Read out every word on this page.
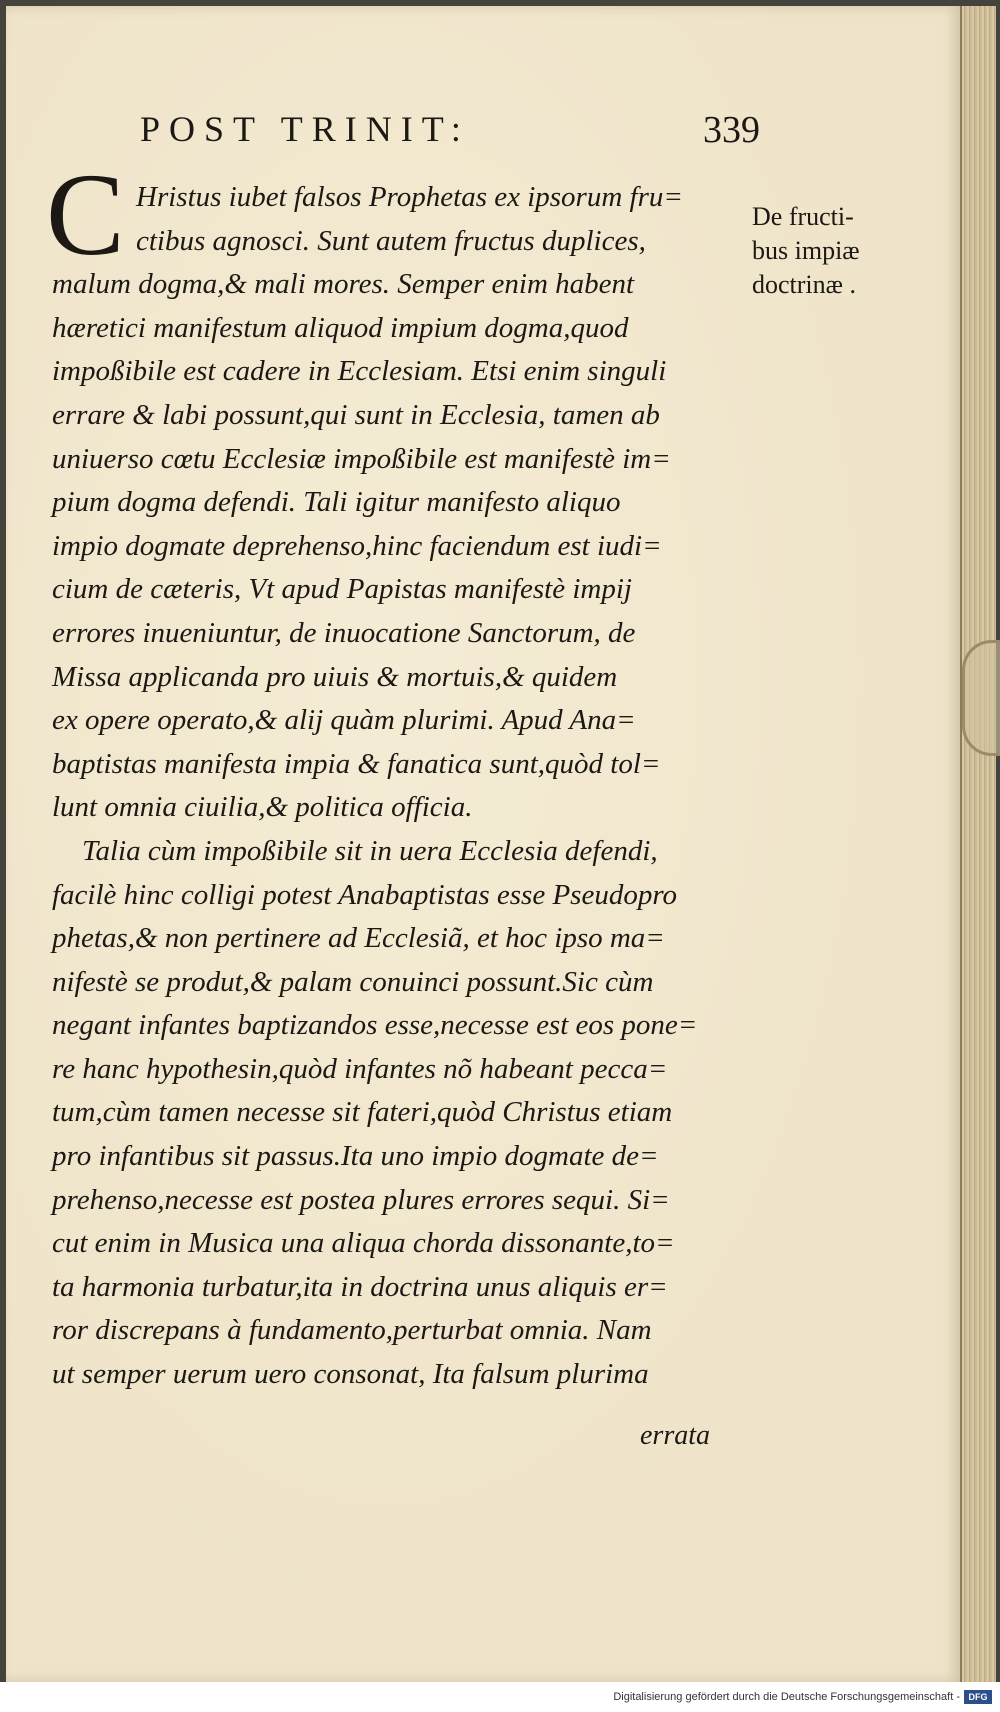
POST TRINIT:	339
De fructi-
bus impiæ
doctrinæ .
C Hristus iubet falsos Prophetas ex ipsorum fru=
ctibus agnosci. Sunt autem fructus duplices,
malum dogma,& mali mores. Semper enim habent
hæretici manifestum aliquod impium dogma,quod
impoßibile est cadere in Ecclesiam. Etsi enim singuli
errare & labi possunt,qui sunt in Ecclesia, tamen ab
uniuerso cœtu Ecclesiæ impoßibile est manifestè im=
pium dogma defendi. Tali igitur manifesto aliquo
impio dogmate deprehenso,hinc faciendum est iudi=
cium de cæteris, Vt apud Papistas manifestè impij
errores inueniuntur, de inuocatione Sanctorum, de
Missa applicanda pro uiuis & mortuis,& quidem
ex opere operato,& alij quàm plurimi. Apud Ana=
baptistas manifesta impia & fanatica sunt,quòd tol=
lunt omnia ciuilia,& politica officia.
Talia cùm impoßibile sit in uera Ecclesia defendi,
facilè hinc colligi potest Anabaptistas esse Pseudopro
phetas,& non pertinere ad Ecclesiã, et hoc ipso ma=
nifestè se produt,& palam conuinci possunt.Sic cùm
negant infantes baptizandos esse,necesse est eos pone=
re hanc hypothesin,quòd infantes nõ habeant pecca=
tum,cùm tamen necesse sit fateri,quòd Christus etiam
pro infantibus sit passus.Ita uno impio dogmate de=
prehenso,necesse est postea plures errores sequi. Si=
cut enim in Musica una aliqua chorda dissonante,to=
ta harmonia turbatur,ita in doctrina unus aliquis er=
ror discrepans à fundamento,perturbat omnia. Nam
ut semper uerum uero consonat, Ita falsum plurima
errata
Digitalisierung gefördert durch die Deutsche Forschungsgemeinschaft - DFG
